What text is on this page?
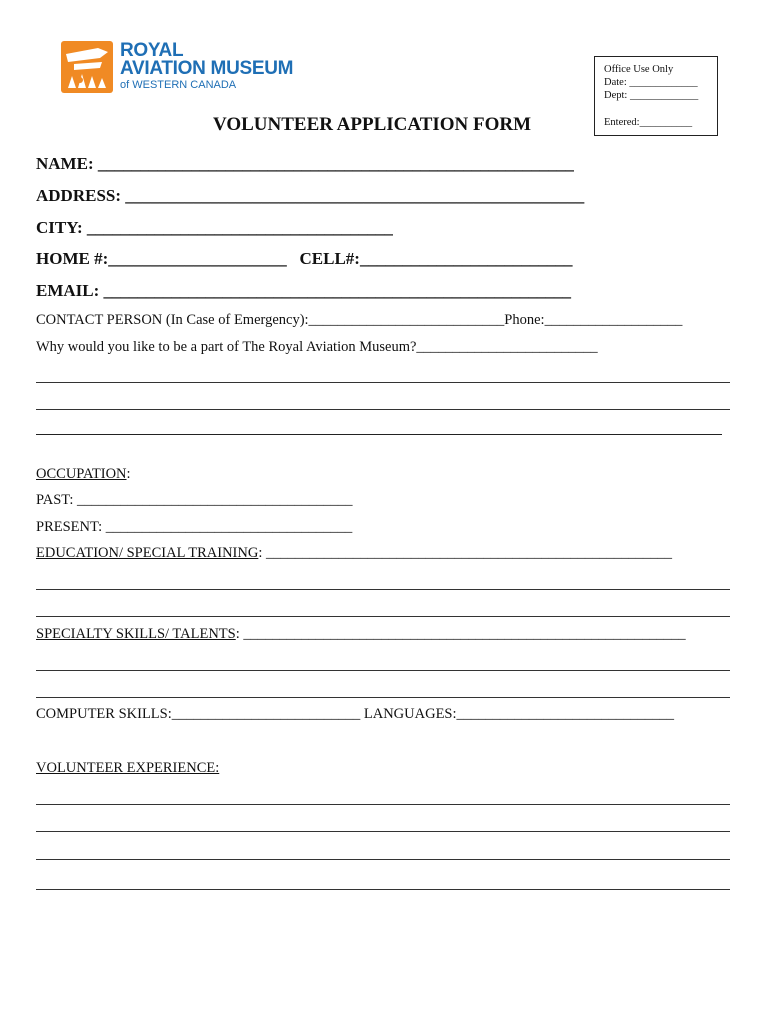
ROYAL
AVIATION MUSEUM
of WESTERN CANADA
Office Use Only
Date: _____________
Dept: _____________
Entered:__________
VOLUNTEER APPLICATION FORM
NAME: ________________________________________________________
ADDRESS: ______________________________________________________
CITY: ____________________________________
HOME #:_____________________   CELL#:_________________________
EMAIL: _______________________________________________________
CONTACT PERSON (In Case of Emergency):___________________________Phone:___________________
Why would you like to be a part of The Royal Aviation Museum?_________________________
OCCUPATION:
PAST: ______________________________________
PRESENT: __________________________________
EDUCATION/ SPECIAL TRAINING: ________________________________________________________
SPECIALTY SKILLS/ TALENTS: _____________________________________________________________
COMPUTER SKILLS:__________________________ LANGUAGES:______________________________
VOLUNTEER EXPERIENCE:
